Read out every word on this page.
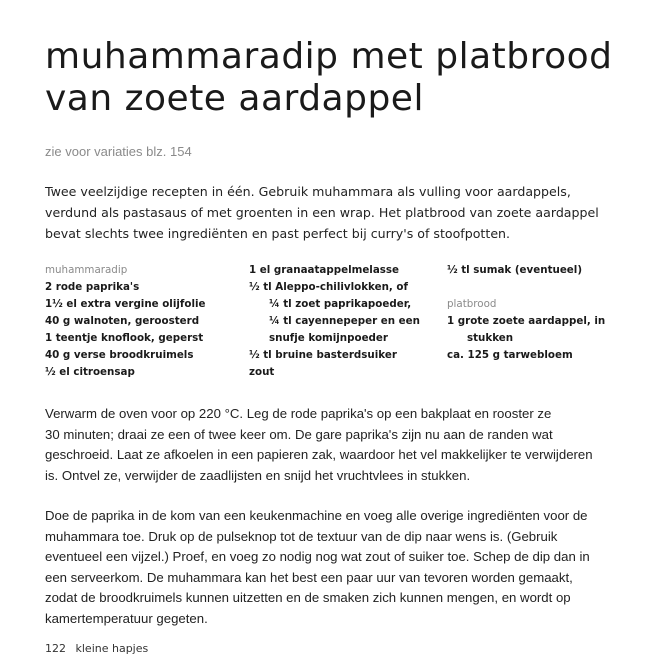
muhammaradip met platbrood
van zoete aardappel
zie voor variaties blz. 154
Twee veelzijdige recepten in één. Gebruik muhammara als vulling voor aardappels,
verdund als pastasaus of met groenten in een wrap. Het platbrood van zoete aardappel
bevat slechts twee ingrediënten en past perfect bij curry's of stoofpotten.
muhammaradip
2 rode paprika's
1½ el extra vergine olijfolie
40 g walnoten, geroosterd
1 teentje knoflook, geperst
40 g verse broodkruimels
½ el citroensap
1 el granaatappelmelasse
½ tl Aleppo-chilivlokken, of
¼ tl zoet paprikapoeder,
¼ tl cayennepeper en een
snufje komijnpoeder
½ tl bruine basterdsuiker
zout
½ tl sumak (eventueel)
platbrood
1 grote zoete aardappel, in
stukken
ca. 125 g tarwebloem
Verwarm de oven voor op 220 °C. Leg de rode paprika's op een bakplaat en rooster ze
30 minuten; draai ze een of twee keer om. De gare paprika's zijn nu aan de randen wat
geschroeid. Laat ze afkoelen in een papieren zak, waardoor het vel makkelijker te verwijderen
is. Ontvel ze, verwijder de zaadlijsten en snijd het vruchtvlees in stukken.
Doe de paprika in de kom van een keukenmachine en voeg alle overige ingrediënten voor de
muhammara toe. Druk op de pulseknop tot de textuur van de dip naar wens is. (Gebruik
eventueel een vijzel.) Proef, en voeg zo nodig nog wat zout of suiker toe. Schep de dip dan in
een serveerkom. De muhammara kan het best een paar uur van tevoren worden gemaakt,
zodat de broodkruimels kunnen uitzetten en de smaken zich kunnen mengen, en wordt op
kamertemperatuur gegeten.
122 kleine hapjes
